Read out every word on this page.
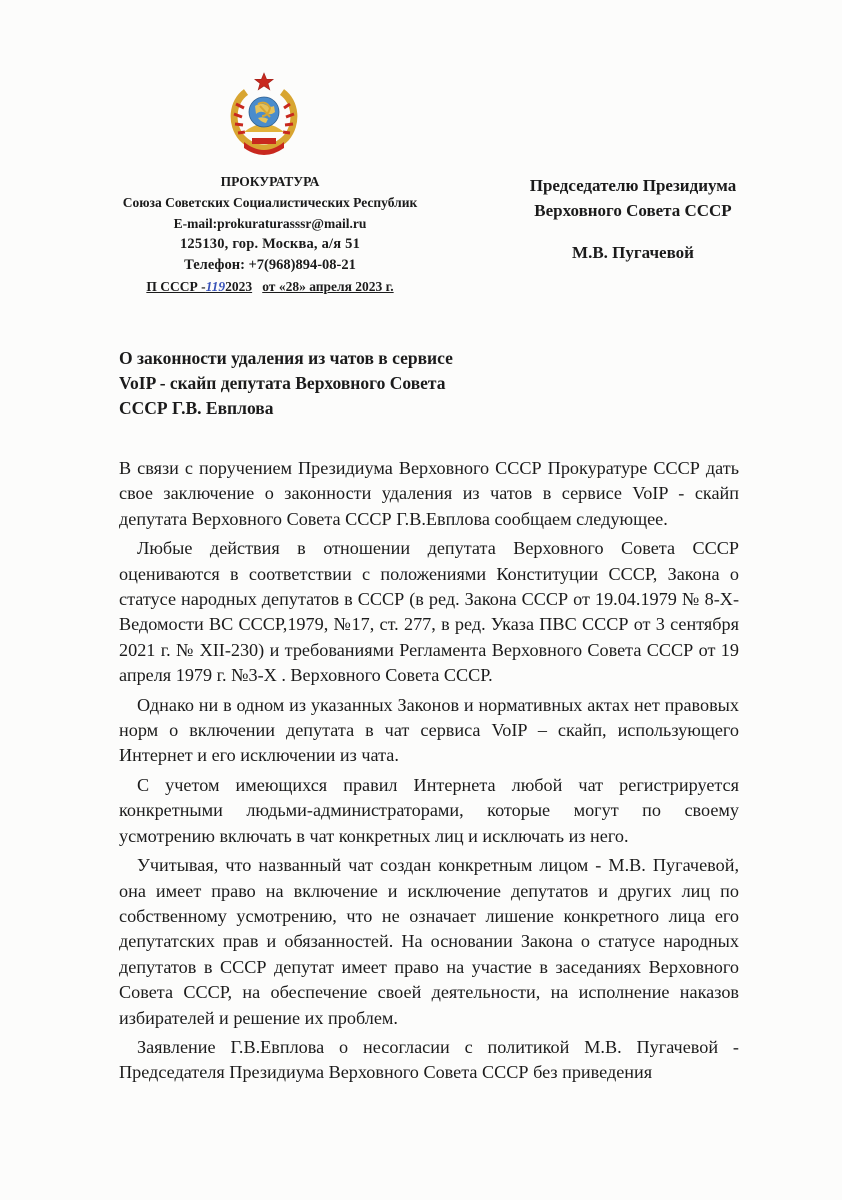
ПРОКУРАТУРА
Союза Советских Социалистических Республик
E-mail:prokuraturasssr@mail.ru
125130, гор. Москва, а/я 51
Телефон: +7(968)894-08-21
П СССР -1192023 от «28» апреля 2023 г.
Председателю Президиума
Верховного Совета СССР
М.В. Пугачевой
О законности удаления из чатов в сервисе
VoIP - скайп депутата Верховного Совета
СССР Г.В. Евплова

В связи с поручением Президиума Верховного СССР Прокуратуре СССР дать свое заключение о законности удаления из чатов в сервисе VoIP - скайп депутата Верховного Совета СССР Г.В.Евплова сообщаем следующее.

Любые действия в отношении депутата Верховного Совета СССР оцениваются в соответствии с положениями Конституции СССР, Закона о статусе народных депутатов в СССР (в ред. Закона СССР от 19.04.1979 № 8-Х-Ведомости ВС СССР,1979, №17, ст. 277, в ред. Указа ПВС СССР от 3 сентября 2021 г. № XII-230) и требованиями Регламента Верховного Совета СССР от 19 апреля 1979 г. №3-Х . Верховного Совета СССР.

Однако ни в одном из указанных Законов и нормативных актах нет правовых норм о включении депутата в чат сервиса VoIP – скайп, использующего Интернет и его исключении из чата.

С учетом имеющихся правил Интернета любой чат регистрируется конкретными людьми-администраторами, которые могут по своему усмотрению включать в чат конкретных лиц и исключать из него.

Учитывая, что названный чат создан конкретным лицом - М.В. Пугачевой, она имеет право на включение и исключение депутатов и других лиц по собственному усмотрению, что не означает лишение конкретного лица его депутатских прав и обязанностей. На основании Закона о статусе народных депутатов в СССР депутат имеет право на участие в заседаниях Верховного Совета СССР, на обеспечение своей деятельности, на исполнение наказов избирателей и решение их проблем.

Заявление Г.В.Евплова о несогласии с политикой М.В. Пугачевой - Председателя Президиума Верховного Совета СССР без приведения
